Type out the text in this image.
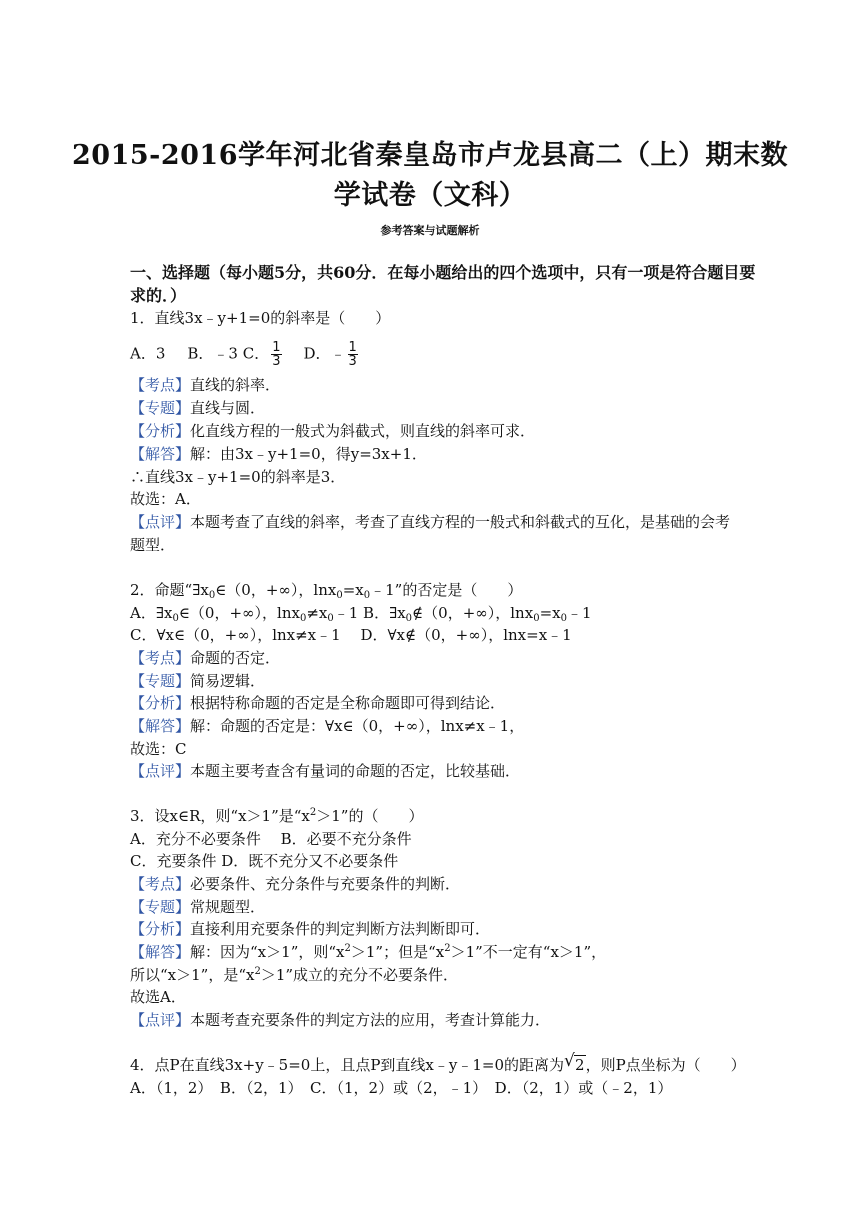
2015-2016学年河北省秦皇岛市卢龙县高二（上）期末数
学试卷（文科）
参考答案与试题解析
一、选择题（每小题5分，共60分．在每小题给出的四个选项中，只有一项是符合题目要
求的．）
1．直线3x﹣y+1=0的斜率是（　　）
A．3 B．﹣3 C． $\frac{1}{3}$ D．﹣ $\frac{1}{3}$
【考点】直线的斜率．
【专题】直线与圆．
【分析】化直线方程的一般式为斜截式，则直线的斜率可求．
【解答】解：由3x﹣y+1=0，得y=3x+1．
∴直线3x﹣y+1=0的斜率是3．
故选：A．
【点评】本题考查了直线的斜率，考查了直线方程的一般式和斜截式的互化，是基础的会考
题型．
2．命题“$\exists x_0\in(0$，+∞），$\ln x_0=x_0﹣1$”的否定是（　　）
A．$\exists x_0\in(0$，+∞），$\ln x_0\ne x_0﹣1$ B．$\exists x_0\notin(0$，+∞），$\ln x_0=x_0﹣1$
C．∀x∈（0，+∞），lnx≠x﹣1　 D．∀x∉（0，+∞），lnx=x﹣1
【考点】命题的否定．
【专题】简易逻辑．
【分析】根据特称命题的否定是全称命题即可得到结论．
【解答】解：命题的否定是：∀x∈（0，+∞），lnx≠x﹣1，
故选：C
【点评】本题主要考查含有量词的命题的否定，比较基础．
3．设x∈R，则“x＞1”是“$x^2>1$”的（　　）
A．充分不必要条件　 B．必要不充分条件
C．充要条件 D．既不充分又不必要条件
【考点】必要条件、充分条件与充要条件的判断．
【专题】常规题型．
【分析】直接利用充要条件的判定判断方法判断即可．
【解答】解：因为“x＞1”，则“$x^2>1$”；但是“$x^2>1$”不一定有“x＞1”，
所以“x＞1”，是“$x^2>1$”成立的充分不必要条件．
故选A．
【点评】本题考查充要条件的判定方法的应用，考查计算能力．
4．点P在直线3x+y﹣5=0上，且点P到直线x﹣y﹣1=0的距离为 √ 2，则P点坐标为（　　）
A．（1，2）　B．（2，1）　C．（1，2）或（2，﹣1）　D．（2，1）或（﹣2，1）
